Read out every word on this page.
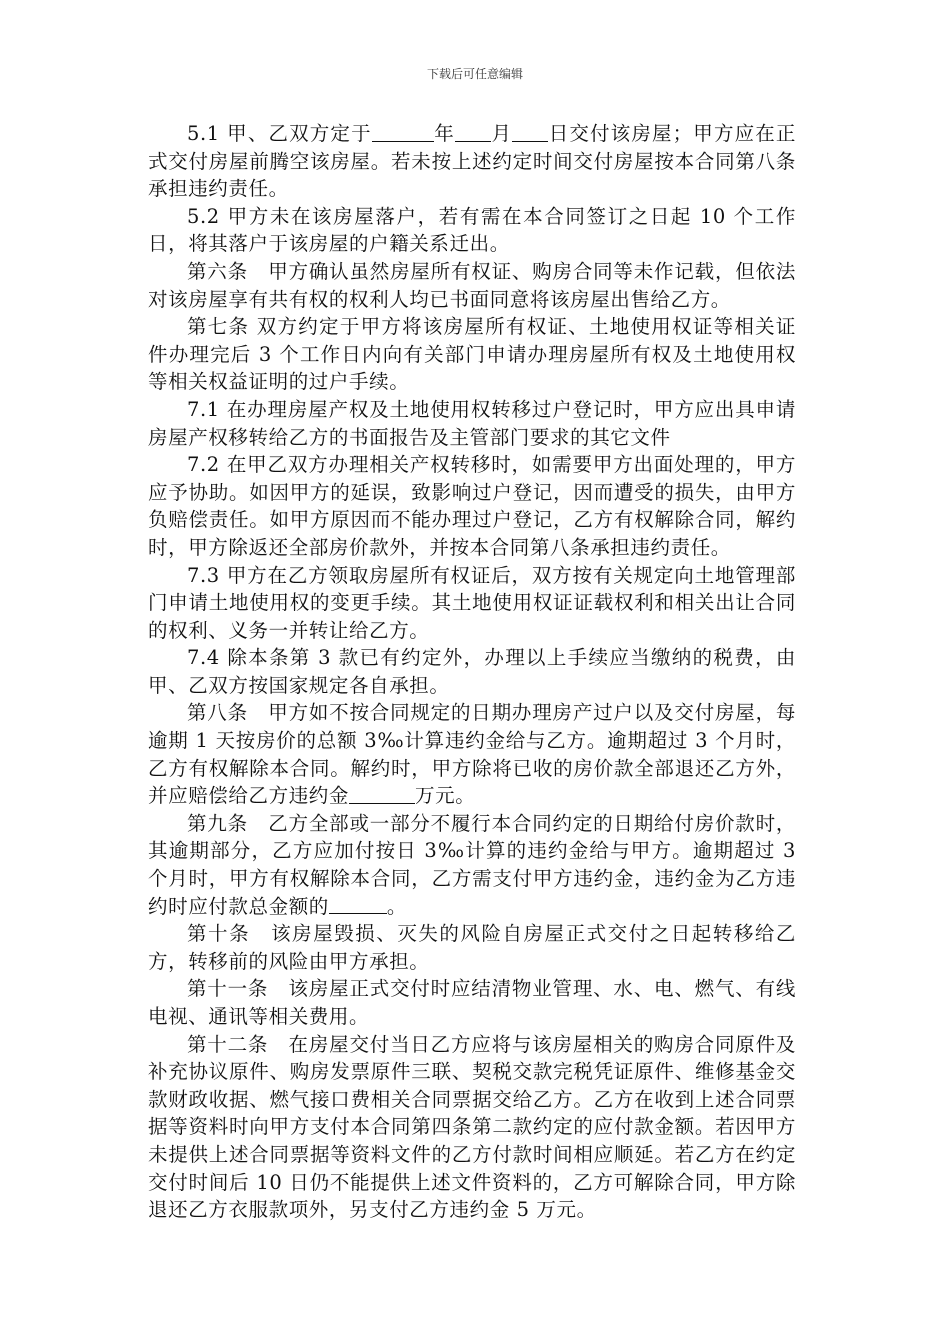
下载后可任意编辑

5.1 甲、乙双方定于	年 月 日交付该房屋；甲方应在正式交付房屋前腾空该房屋。若未按上述约定时间交付房屋按本合同第八条承担违约责任。

5.2 甲方未在该房屋落户，若有需在本合同签订之日起 10 个工作日，将其落户于该房屋的户籍关系迁出。

第六条　甲方确认虽然房屋所有权证、购房合同等未作记载，但依法对该房屋享有共有权的权利人均已书面同意将该房屋出售给乙方。

第七条 双方约定于甲方将该房屋所有权证、土地使用权证等相关证件办理完后 3 个工作日内向有关部门申请办理房屋所有权及土地使用权等相关权益证明的过户手续。

7.1 在办理房屋产权及土地使用权转移过户登记时，甲方应出具申请房屋产权移转给乙方的书面报告及主管部门要求的其它文件

7.2 在甲乙双方办理相关产权转移时，如需要甲方出面处理的，甲方应予协助。如因甲方的延误，致影响过户登记，因而遭受的损失，由甲方负赔偿责任。如甲方原因而不能办理过户登记，乙方有权解除合同，解约时，甲方除返还全部房价款外，并按本合同第八条承担违约责任。

7.3 甲方在乙方领取房屋所有权证后，双方按有关规定向土地管理部门申请土地使用权的变更手续。其土地使用权证证载权利和相关出让合同的权利、义务一并转让给乙方。

7.4 除本条第 3 款已有约定外，办理以上手续应当缴纳的税费，由甲、乙双方按国家规定各自承担。

第八条　甲方如不按合同规定的日期办理房产过户以及交付房屋，每逾期 1 天按房价的总额 3‰计算违约金给与乙方。逾期超过 3 个月时，乙方有权解除本合同。解约时，甲方除将已收的房价款全部退还乙方外，并应赔偿给乙方违约金	万元。

第九条　乙方全部或一部分不履行本合同约定的日期给付房价款时，其逾期部分，乙方应加付按日 3‰计算的违约金给与甲方。逾期超过 3 个月时，甲方有权解除本合同，乙方需支付甲方违约金，违约金为乙方违约时应付款总金额的	。

第十条　该房屋毁损、灭失的风险自房屋正式交付之日起转移给乙方，转移前的风险由甲方承担。

第十一条　该房屋正式交付时应结清物业管理、水、电、燃气、有线电视、通讯等相关费用。

第十二条　在房屋交付当日乙方应将与该房屋相关的购房合同原件及补充协议原件、购房发票原件三联、契税交款完税凭证原件、维修基金交款财政收据、燃气接口费相关合同票据交给乙方。乙方在收到上述合同票据等资料时向甲方支付本合同第四条第二款约定的应付款金额。若因甲方未提供上述合同票据等资料文件的乙方付款时间相应顺延。若乙方在约定交付时间后 10 日仍不能提供上述文件资料的，乙方可解除合同，甲方除退还乙方衣服款项外，另支付乙方违约金 5 万元。
